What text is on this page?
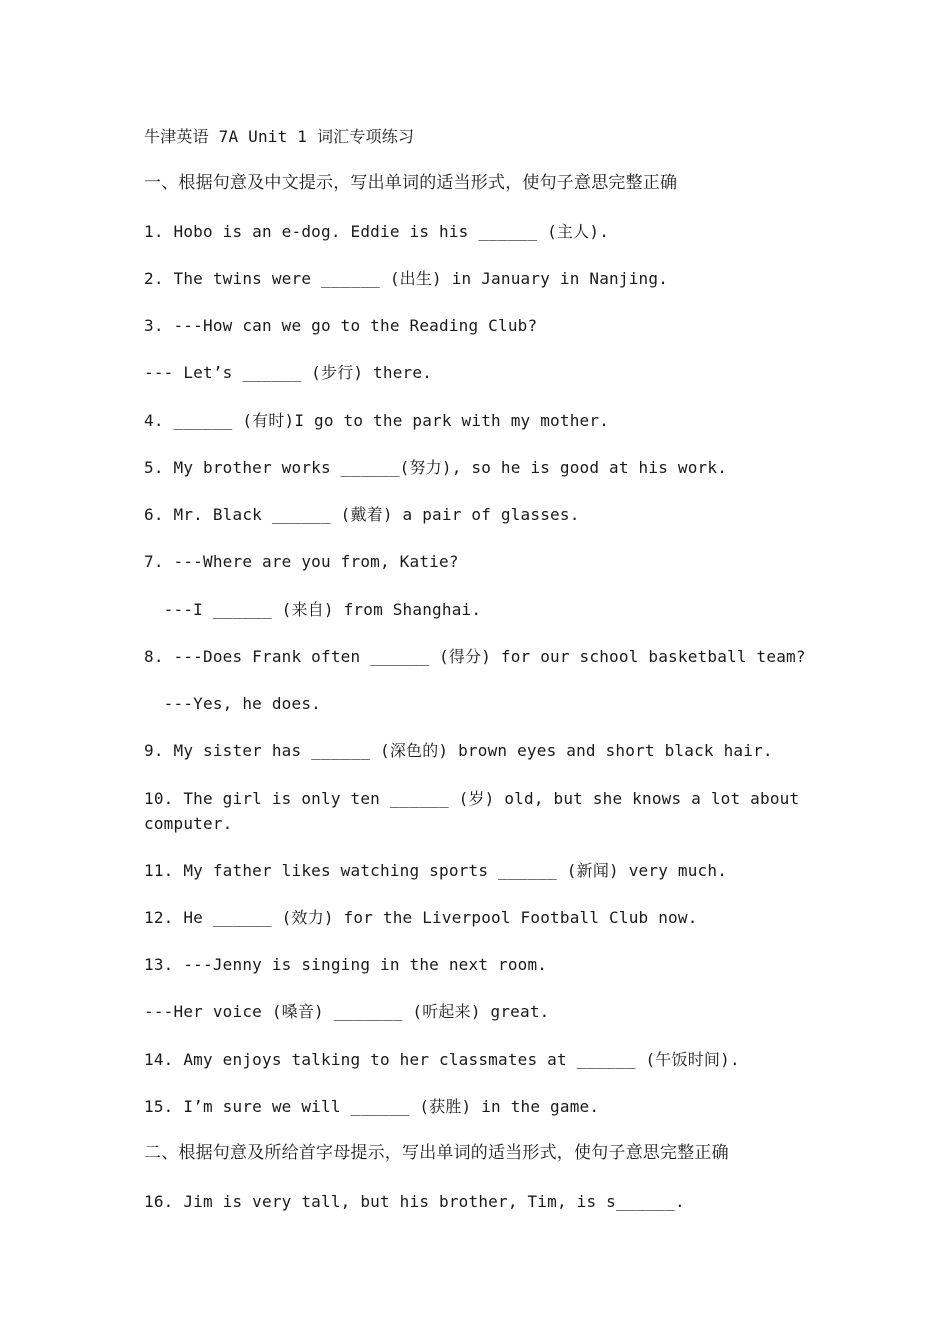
牛津英语 7A Unit 1 词汇专项练习
一、根据句意及中文提示，写出单词的适当形式，使句子意思完整正确
1. Hobo is an e-dog. Eddie is his ______ (主人).
2. The twins were ______ (出生) in January in Nanjing.
3. ---How can we go to the Reading Club?
--- Let’s ______ (步行) there.
4. ______ (有时)I go to the park with my mother.
5. My brother works ______(努力), so he is good at his work.
6. Mr. Black ______ (戴着) a pair of glasses.
7. ---Where are you from, Katie?
---I ______ (来自) from Shanghai.
8. ---Does Frank often ______ (得分) for our school basketball team?
---Yes, he does.
9. My sister has ______ (深色的) brown eyes and short black hair.
10. The girl is only ten ______ (岁) old, but she knows a lot about computer.
11. My father likes watching sports ______ (新闻) very much.
12. He ______ (效力) for the Liverpool Football Club now.
13. ---Jenny is singing in the next room.
---Her voice (嗓音) _______ (听起来) great.
14. Amy enjoys talking to her classmates at ______ (午饭时间).
15. I’m sure we will ______ (获胜) in the game.
二、根据句意及所给首字母提示，写出单词的适当形式，使句子意思完整正确
16. Jim is very tall, but his brother, Tim, is s______.
